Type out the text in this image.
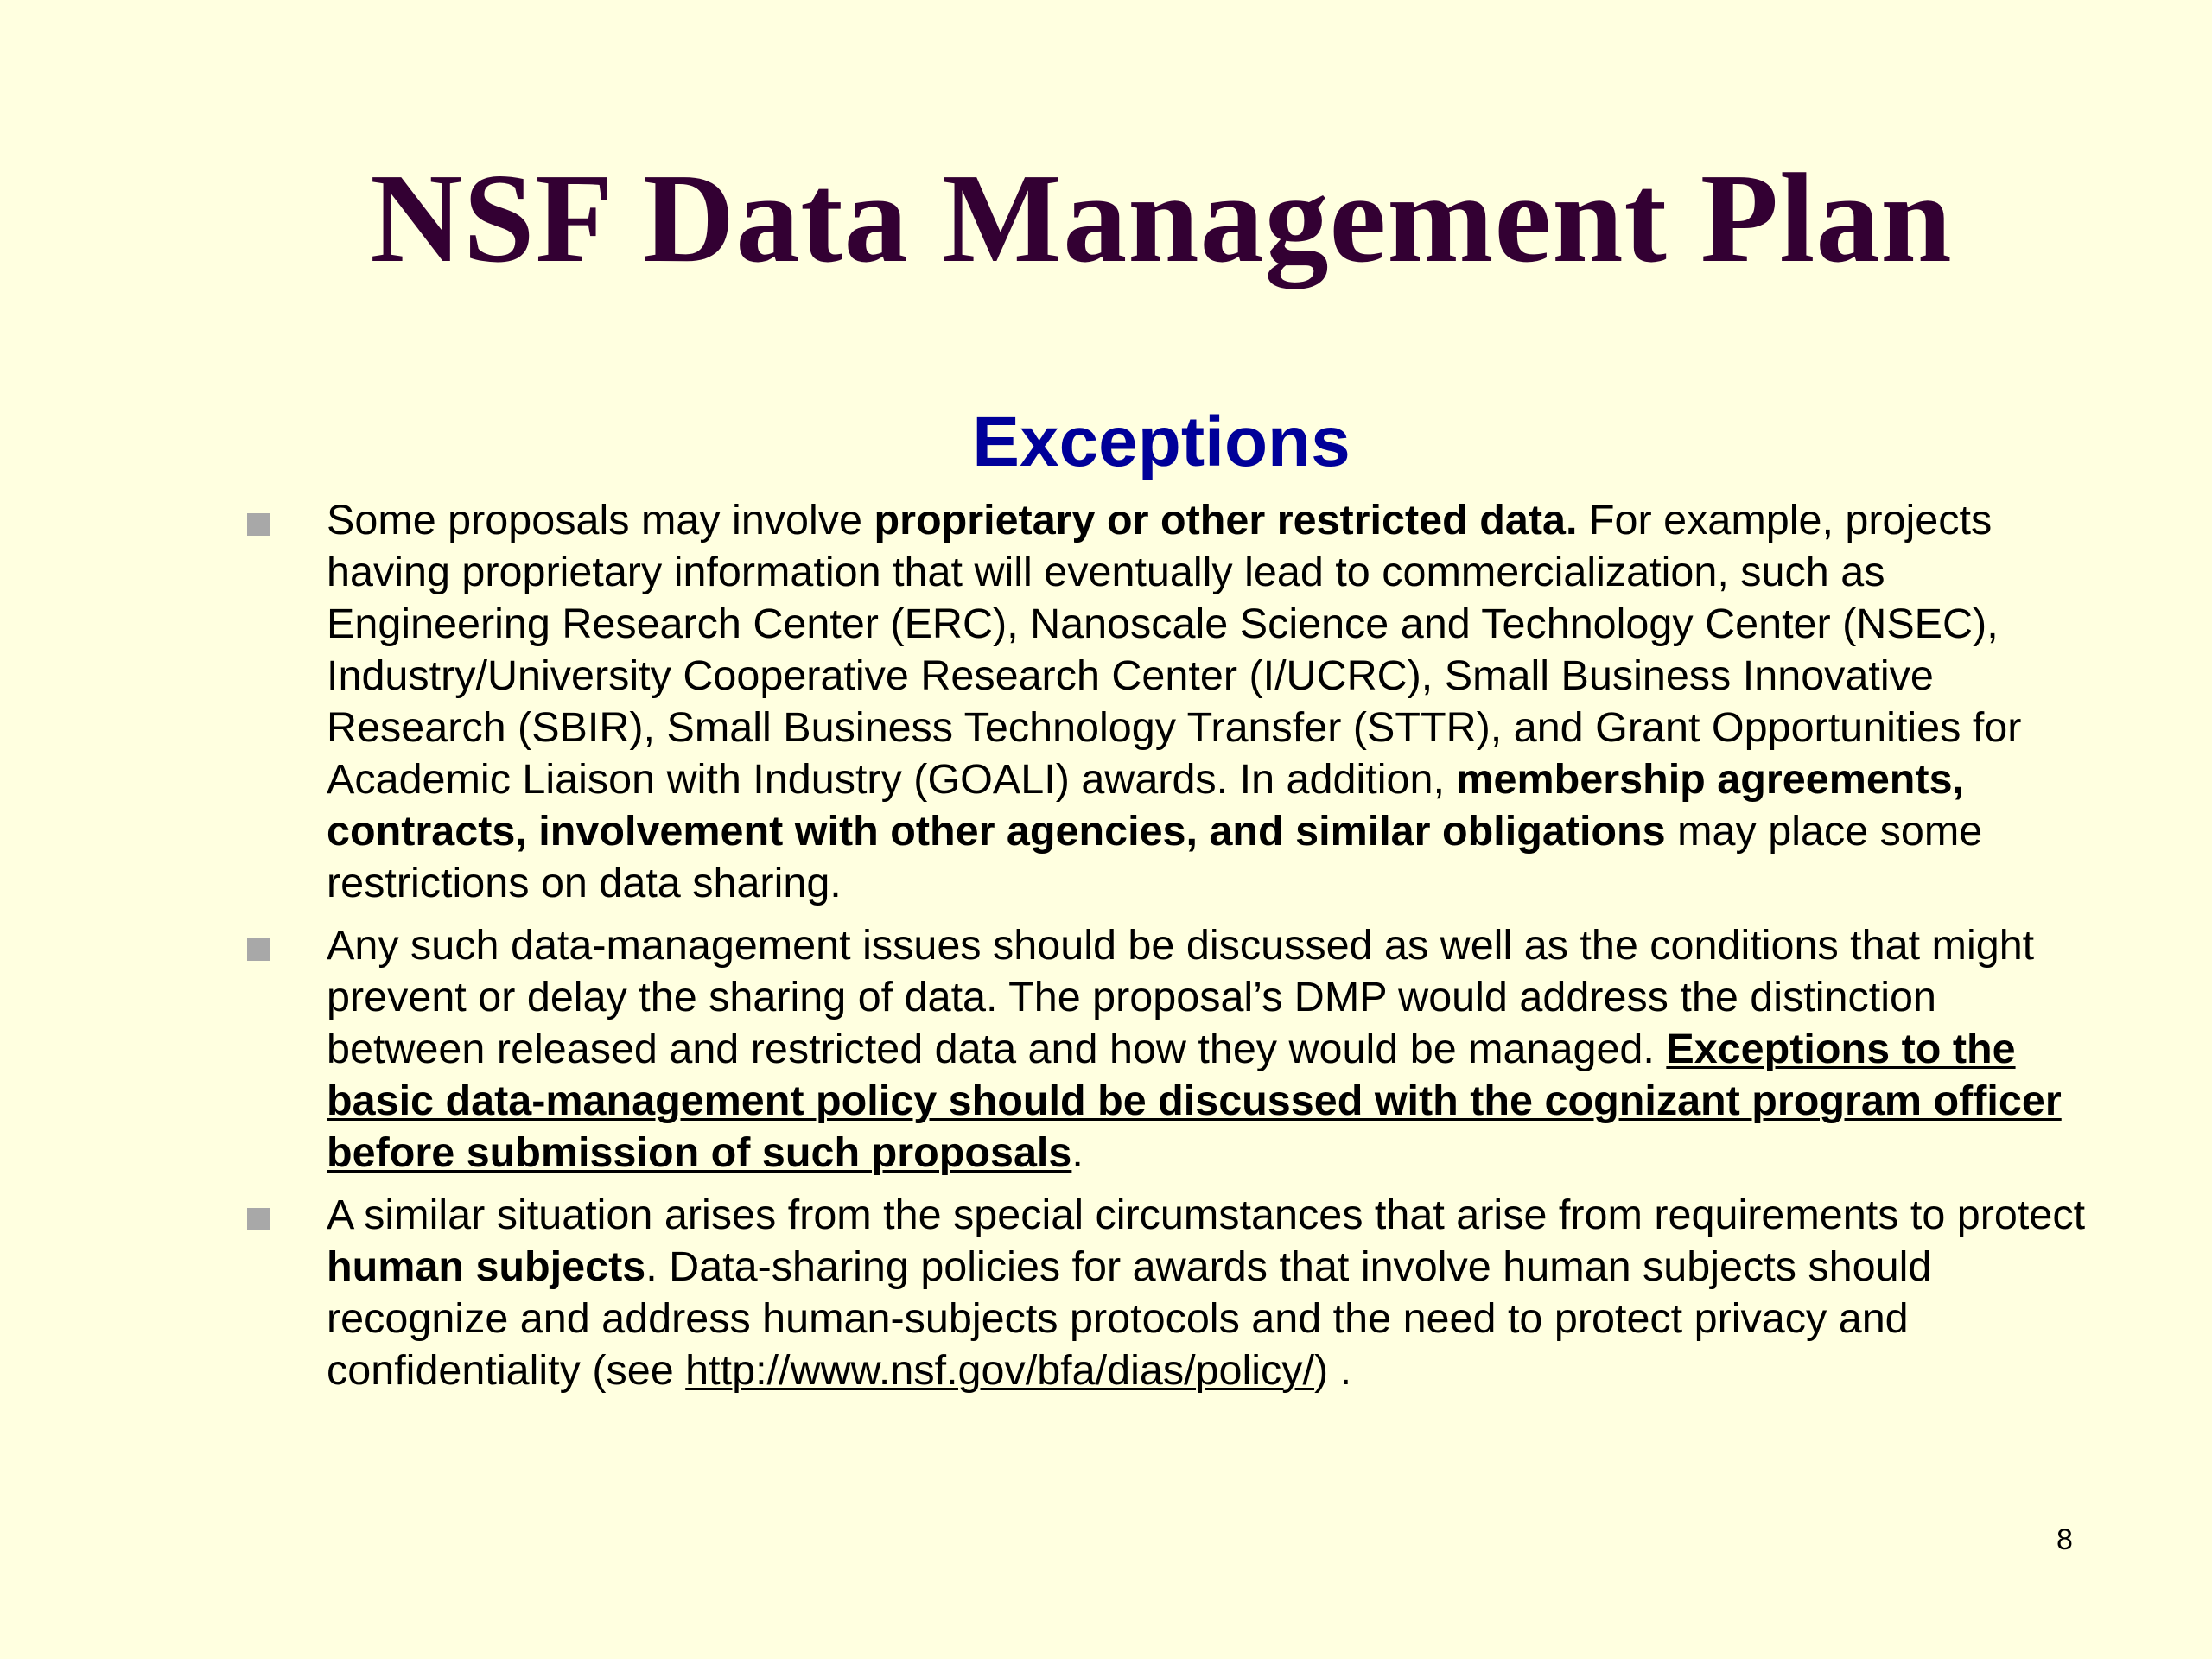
NSF Data Management Plan
Exceptions
Some proposals may involve proprietary or other restricted data. For example, projects having proprietary information that will eventually lead to commercialization, such as Engineering Research Center (ERC), Nanoscale Science and Technology Center (NSEC), Industry/University Cooperative Research Center (I/UCRC), Small Business Innovative Research (SBIR), Small Business Technology Transfer (STTR), and Grant Opportunities for Academic Liaison with Industry (GOALI) awards. In addition, membership agreements, contracts, involvement with other agencies, and similar obligations may place some restrictions on data sharing.
Any such data-management issues should be discussed as well as the conditions that might prevent or delay the sharing of data. The proposal’s DMP would address the distinction between released and restricted data and how they would be managed. Exceptions to the basic data-management policy should be discussed with the cognizant program officer before submission of such proposals.
A similar situation arises from the special circumstances that arise from requirements to protect human subjects. Data-sharing policies for awards that involve human subjects should recognize and address human-subjects protocols and the need to protect privacy and confidentiality (see http://www.nsf.gov/bfa/dias/policy/) .
8
